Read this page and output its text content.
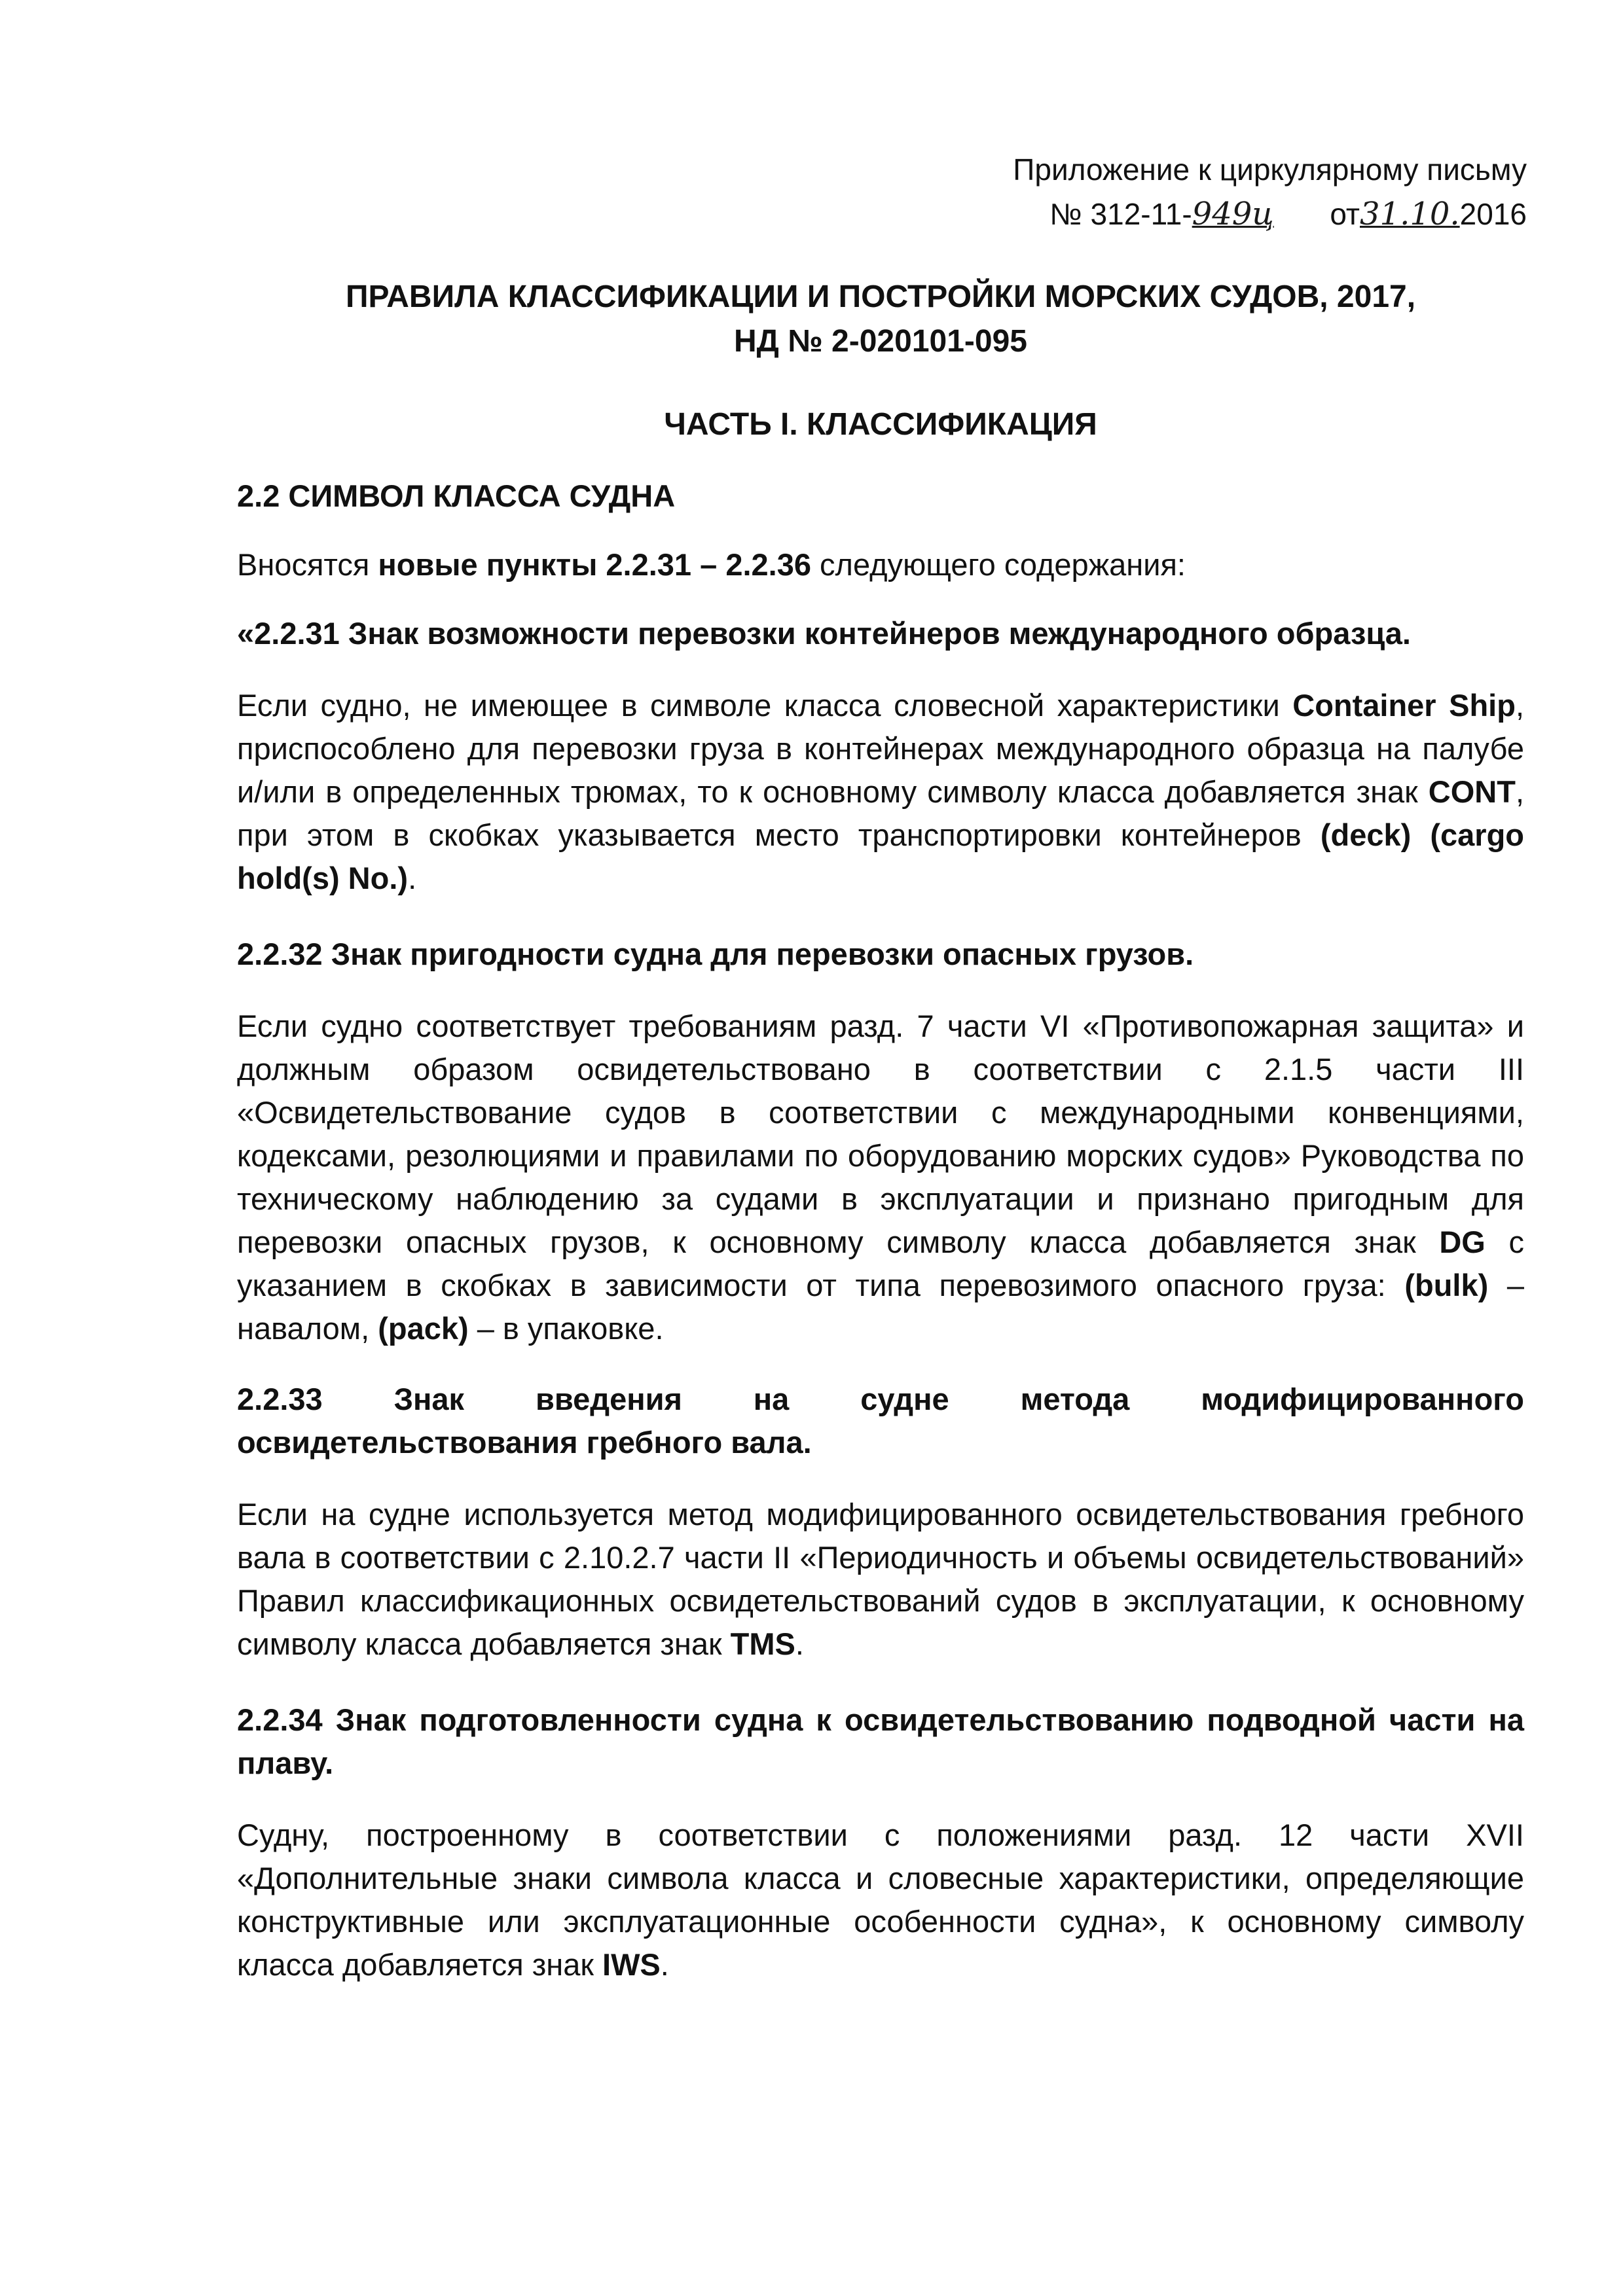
Приложение к циркулярному письму
№ 312-11-949ц от31.10.2016
ПРАВИЛА КЛАССИФИКАЦИИ И ПОСТРОЙКИ МОРСКИХ СУДОВ, 2017,
НД № 2-020101-095
ЧАСТЬ I. КЛАССИФИКАЦИЯ
2.2 СИМВОЛ КЛАССА СУДНА
Вносятся новые пункты 2.2.31 – 2.2.36 следующего содержания:
«2.2.31 Знак возможности перевозки контейнеров международного образца.
Если судно, не имеющее в символе класса словесной характеристики Container Ship, приспособлено для перевозки груза в контейнерах международного образца на палубе и/или в определенных трюмах, то к основному символу класса добавляется знак CONT, при этом в скобках указывается место транспортировки контейнеров (deck) (cargo hold(s) No.).
2.2.32 Знак пригодности судна для перевозки опасных грузов.
Если судно соответствует требованиям разд. 7 части VI «Противопожарная защита» и должным образом освидетельствовано в соответствии с 2.1.5 части III «Освидетельствование судов в соответствии с международными конвенциями, кодексами, резолюциями и правилами по оборудованию морских судов» Руководства по техническому наблюдению за судами в эксплуатации и признано пригодным для перевозки опасных грузов, к основному символу класса добавляется знак DG с указанием в скобках в зависимости от типа перевозимого опасного груза: (bulk) – навалом, (pack) – в упаковке.
2.2.33 Знак введения на судне метода модифицированного
освидетельствования гребного вала.
Если на судне используется метод модифицированного освидетельствования гребного вала в соответствии с 2.10.2.7 части II «Периодичность и объемы освидетельствований» Правил классификационных освидетельствований судов в эксплуатации, к основному символу класса добавляется знак TMS.
2.2.34 Знак подготовленности судна к освидетельствованию подводной части на плаву.
Судну, построенному в соответствии с положениями разд. 12 части XVII «Дополнительные знаки символа класса и словесные характеристики, определяющие конструктивные или эксплуатационные особенности судна», к основному символу класса добавляется знак IWS.
